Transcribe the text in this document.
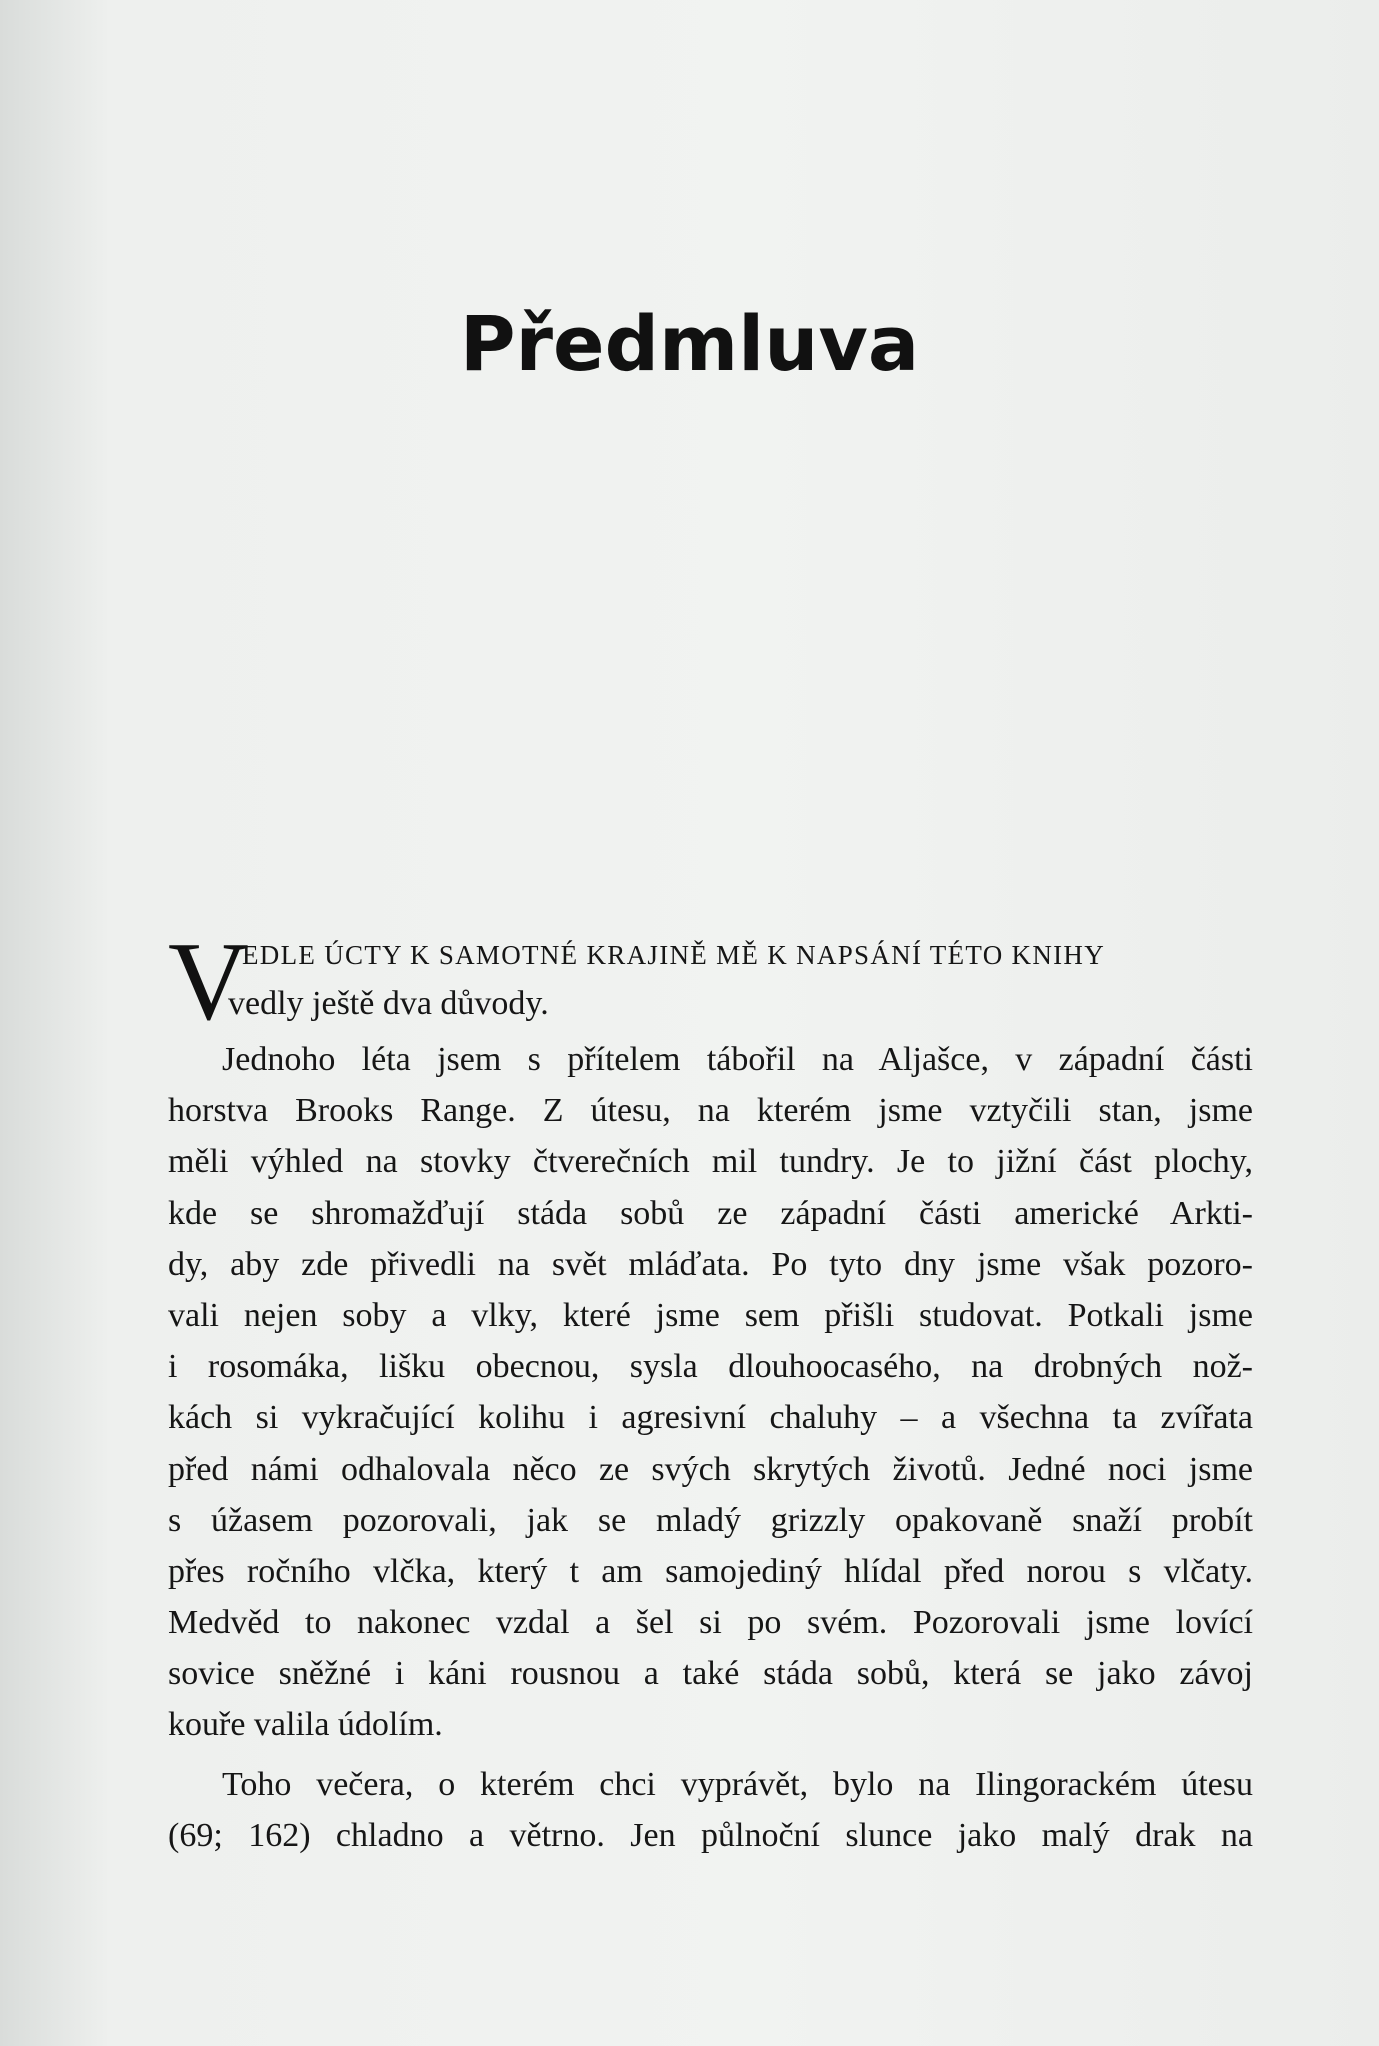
Předmluva
V
EDLE ÚCTY K SAMOTNÉ KRAJINĚ MĚ K NAPSÁNÍ TÉTO KNIHY
vedly ještě dva důvody.
Jednoho léta jsem s přítelem tábořil na Aljašce, v západní části
horstva Brooks Range. Z útesu, na kterém jsme vztyčili stan, jsme
měli výhled na stovky čtverečních mil tundry. Je to jižní část plochy,
kde se shromažďují stáda sobů ze západní části americké Arkti-
dy, aby zde přivedli na svět mláďata. Po tyto dny jsme však pozoro-
vali nejen soby a vlky, které jsme sem přišli studovat. Potkali jsme
i rosomáka, lišku obecnou, sysla dlouhoocasého, na drobných nož-
kách si vykračující kolihu i agresivní chaluhy – a všechna ta zvířata
před námi odhalovala něco ze svých skrytých životů. Jedné noci jsme
s úžasem pozorovali, jak se mladý grizzly opakovaně snaží probít
přes ročního vlčka, který t am samojediný hlídal před norou s vlčaty.
Medvěd to nakonec vzdal a šel si po svém. Pozorovali jsme lovící
sovice sněžné i káni rousnou a také stáda sobů, která se jako závoj
kouře valila údolím.
Toho večera, o kterém chci vyprávět, bylo na Ilingorackém útesu
(69; 162) chladno a větrno. Jen půlnoční slunce jako malý drak na
